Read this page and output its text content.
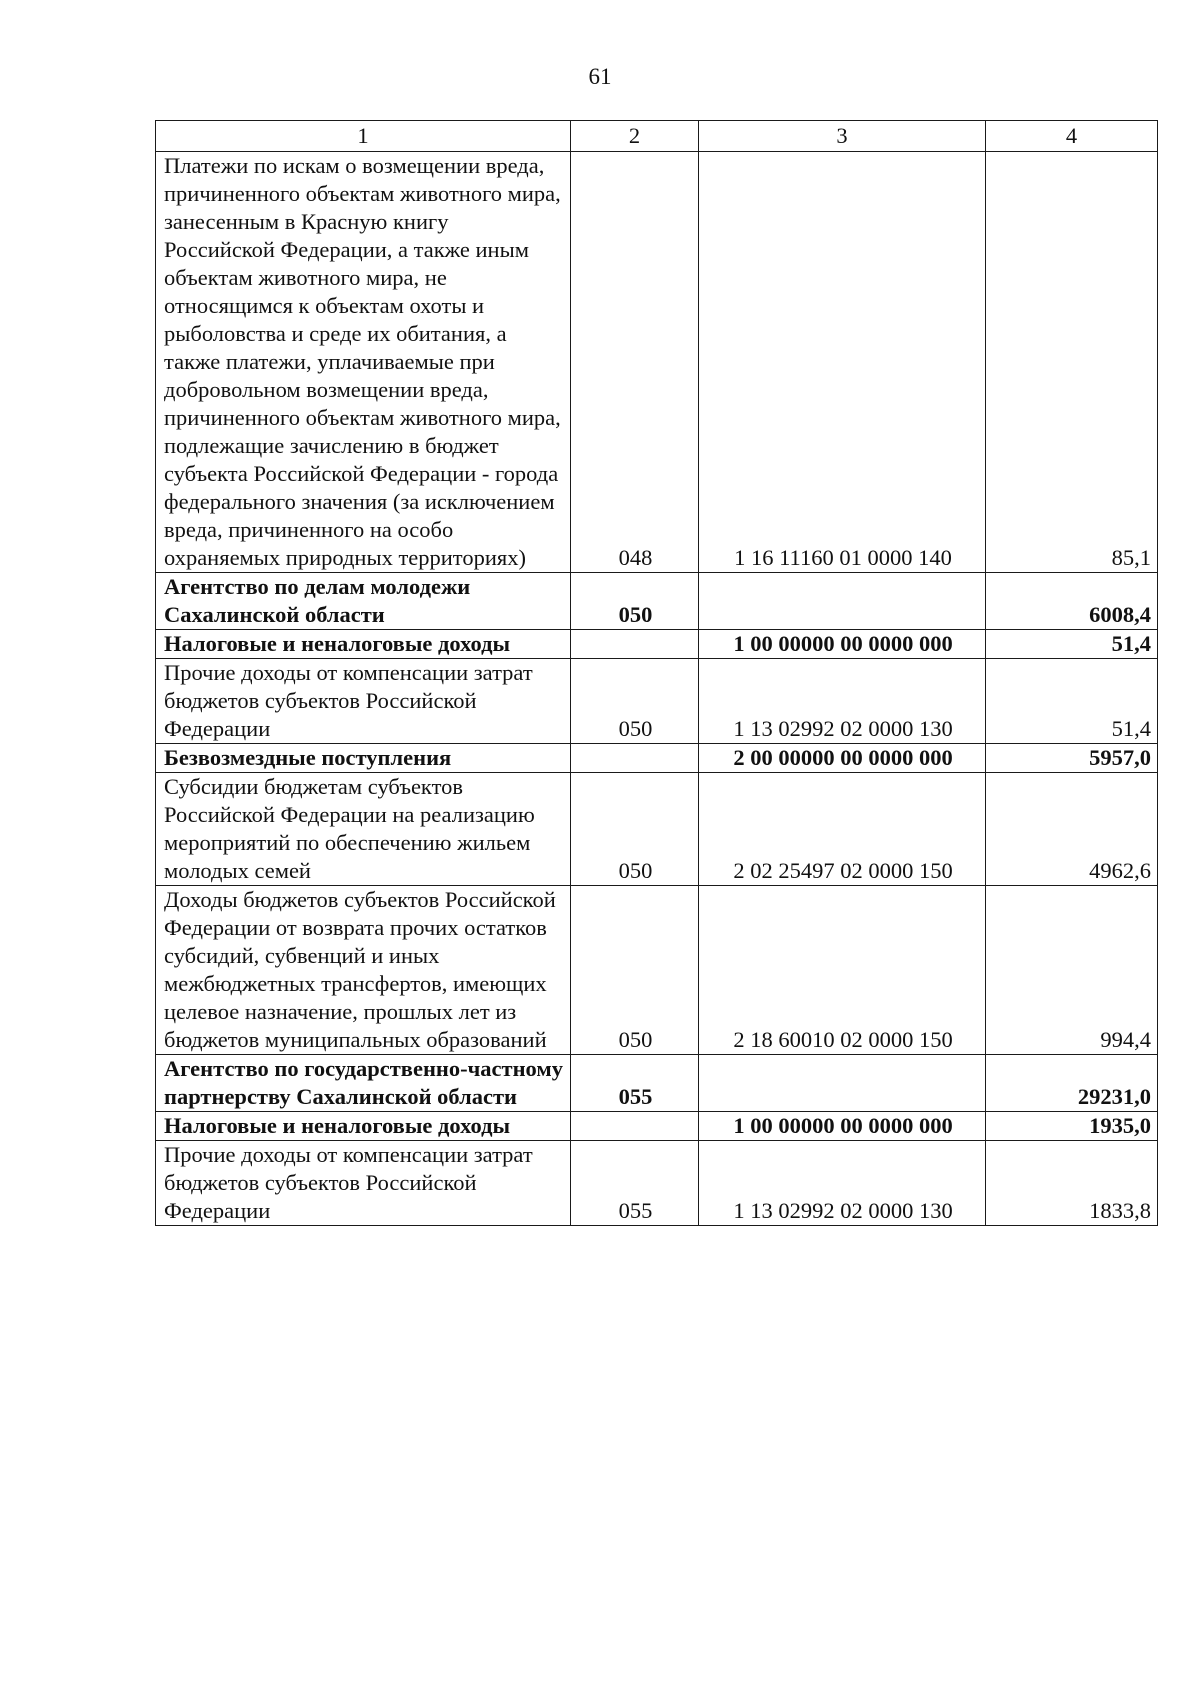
61
1	2	3	4
Платежи по искам о возмещении вреда, причиненного объектам животного мира, занесенным в Красную книгу Российской Федерации, а также иным объектам животного мира, не относящимся к объектам охоты и рыболовства и среде их обитания, а также платежи, уплачиваемые при добровольном возмещении вреда, причиненного объектам животного мира, подлежащие зачислению в бюджет субъекта Российской Федерации - города федерального значения (за исключением вреда, причиненного на особо охраняемых природных территориях)	048	1 16 11160 01 0000 140	85,1
Агентство по делам молодежи Сахалинской области	050		6008,4
Налоговые и неналоговые доходы		1 00 00000 00 0000 000	51,4
Прочие доходы от компенсации затрат бюджетов субъектов Российской Федерации	050	1 13 02992 02 0000 130	51,4
Безвозмездные поступления		2 00 00000 00 0000 000	5957,0
Субсидии бюджетам субъектов Российской Федерации на реализацию мероприятий по обеспечению жильем молодых семей	050	2 02 25497 02 0000 150	4962,6
Доходы бюджетов субъектов Российской Федерации от возврата прочих остатков субсидий, субвенций и иных межбюджетных трансфертов, имеющих целевое назначение, прошлых лет из бюджетов муниципальных образований	050	2 18 60010 02 0000 150	994,4
Агентство по государственно-частному партнерству Сахалинской области	055		29231,0
Налоговые и неналоговые доходы		1 00 00000 00 0000 000	1935,0
Прочие доходы от компенсации затрат бюджетов субъектов Российской Федерации	055	1 13 02992 02 0000 130	1833,8
